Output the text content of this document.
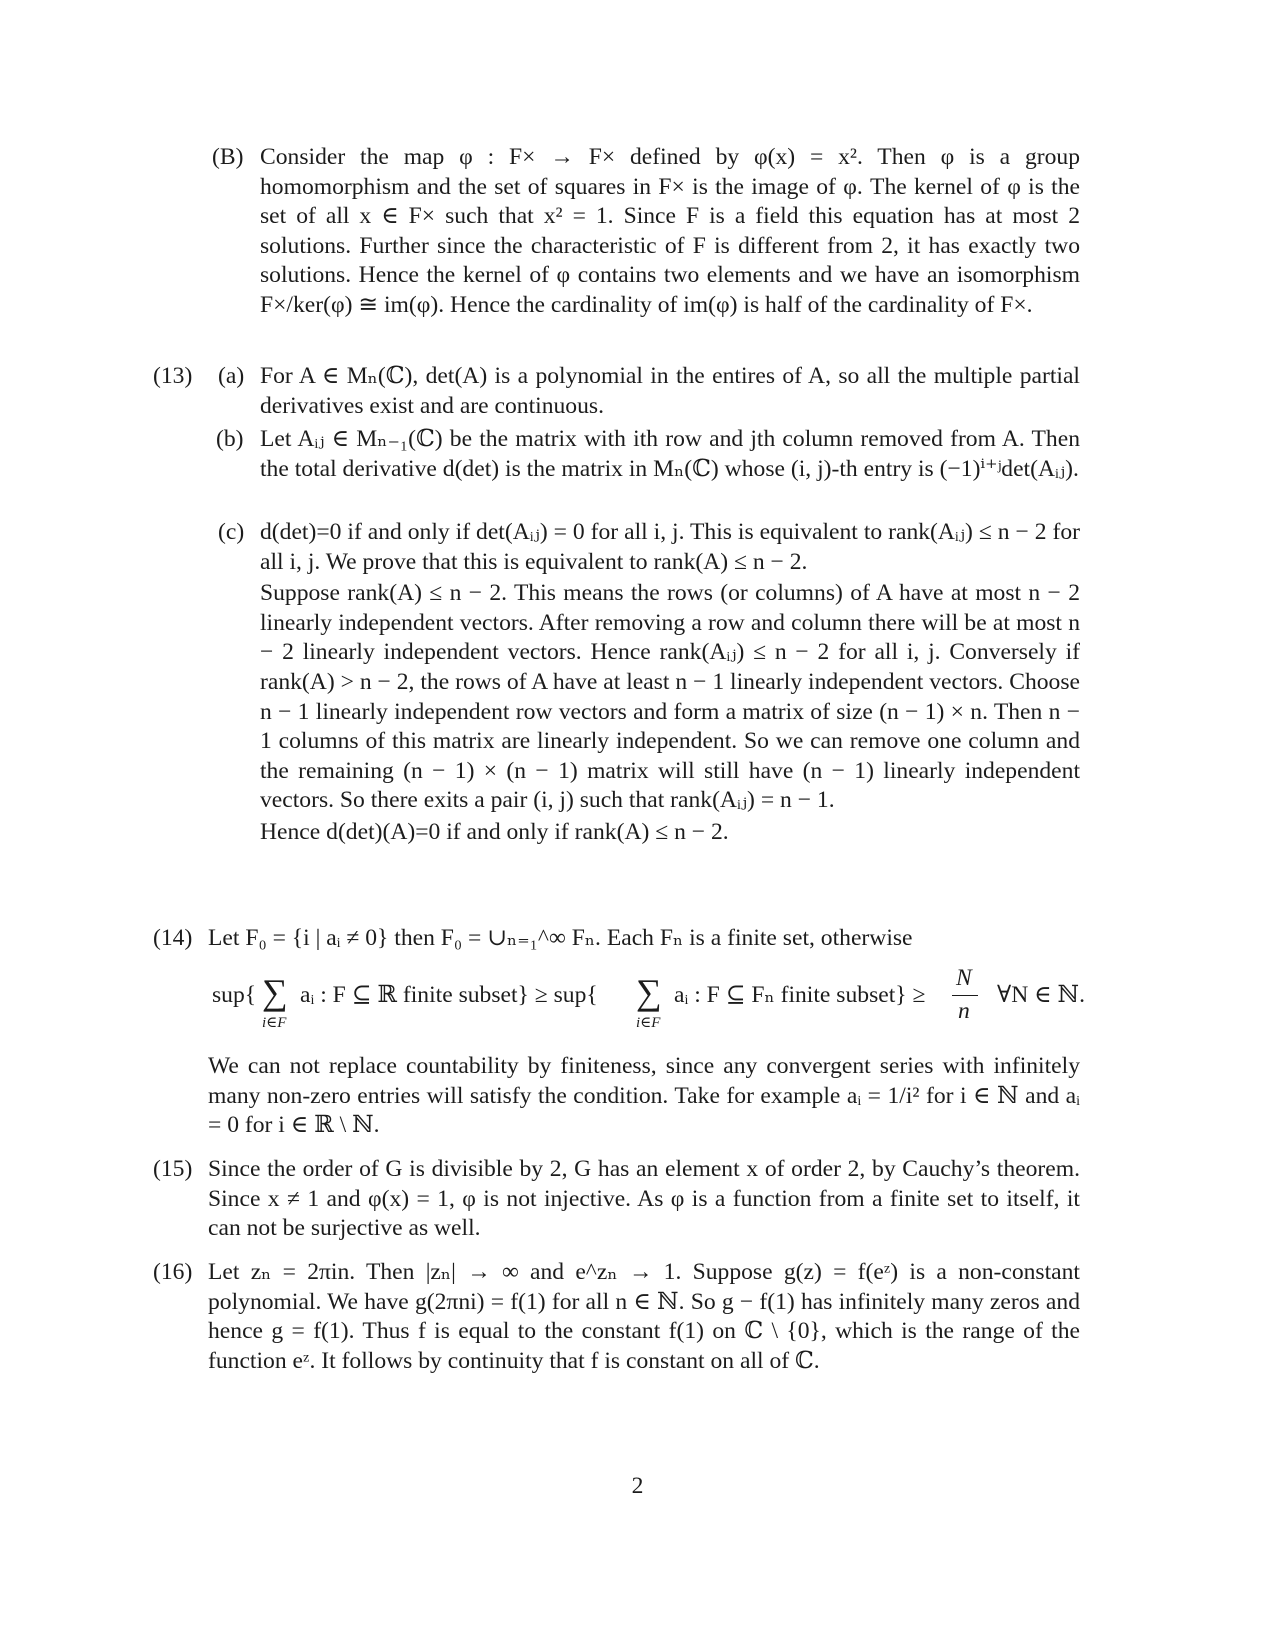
(B) Consider the map φ : F× → F× defined by φ(x) = x². Then φ is a group homomorphism and the set of squares in F× is the image of φ. The kernel of φ is the set of all x ∈ F× such that x² = 1. Since F is a field this equation has at most 2 solutions. Further since the characteristic of F is different from 2, it has exactly two solutions. Hence the kernel of φ contains two elements and we have an isomorphism F×/ker(φ) ≅ im(φ). Hence the cardinality of im(φ) is half of the cardinality of F×.

(13) (a) For A ∈ Mₙ(ℂ), det(A) is a polynomial in the entires of A, so all the multiple partial derivatives exist and are continuous.

(b) Let Aᵢⱼ ∈ Mₙ₋₁(ℂ) be the matrix with ith row and jth column removed from A. Then the total derivative d(det) is the matrix in Mₙ(ℂ) whose (i, j)-th entry is (−1)ⁱ⁺ʲdet(Aᵢⱼ).

(c) d(det)=0 if and only if det(Aᵢⱼ) = 0 for all i, j. This is equivalent to rank(Aᵢⱼ) ≤ n − 2 for all i, j. We prove that this is equivalent to rank(A) ≤ n − 2.

Suppose rank(A) ≤ n − 2. This means the rows (or columns) of A have at most n − 2 linearly independent vectors. After removing a row and column there will be at most n − 2 linearly independent vectors. Hence rank(Aᵢⱼ) ≤ n − 2 for all i, j. Conversely if rank(A) > n − 2, the rows of A have at least n − 1 linearly independent vectors. Choose n − 1 linearly independent row vectors and form a matrix of size (n − 1) × n. Then n − 1 columns of this matrix are linearly independent. So we can remove one column and the remaining (n − 1) × (n − 1) matrix will still have (n − 1) linearly independent vectors. So there exits a pair (i, j) such that rank(Aᵢⱼ) = n − 1.

Hence d(det)(A)=0 if and only if rank(A) ≤ n − 2.

(14) Let F₀ = {i | aᵢ ≠ 0} then F₀ = ∪ₙ₌₁^∞ Fₙ. Each Fₙ is a finite set, otherwise

sup{ ∑
i∈F
aᵢ : F ⊆ ℝ finite subset} ≥ sup{ ∑
i∈F
aᵢ : F ⊆ Fₙ finite subset} ≥
N
n
∀N ∈ ℕ.

We can not replace countability by finiteness, since any convergent series with infinitely many non-zero entries will satisfy the condition. Take for example aᵢ = 1/i² for i ∈ ℕ and aᵢ = 0 for i ∈ ℝ \ ℕ.

(15) Since the order of G is divisible by 2, G has an element x of order 2, by Cauchy’s theorem. Since x ≠ 1 and φ(x) = 1, φ is not injective. As φ is a function from a finite set to itself, it can not be surjective as well.

(16) Let zₙ = 2πin. Then |zₙ| → ∞ and e^zₙ → 1. Suppose g(z) = f(eᶻ) is a non-constant polynomial. We have g(2πni) = f(1) for all n ∈ ℕ. So g − f(1) has infinitely many zeros and hence g = f(1). Thus f is equal to the constant f(1) on ℂ \ {0}, which is the range of the function eᶻ. It follows by continuity that f is constant on all of ℂ.

2
